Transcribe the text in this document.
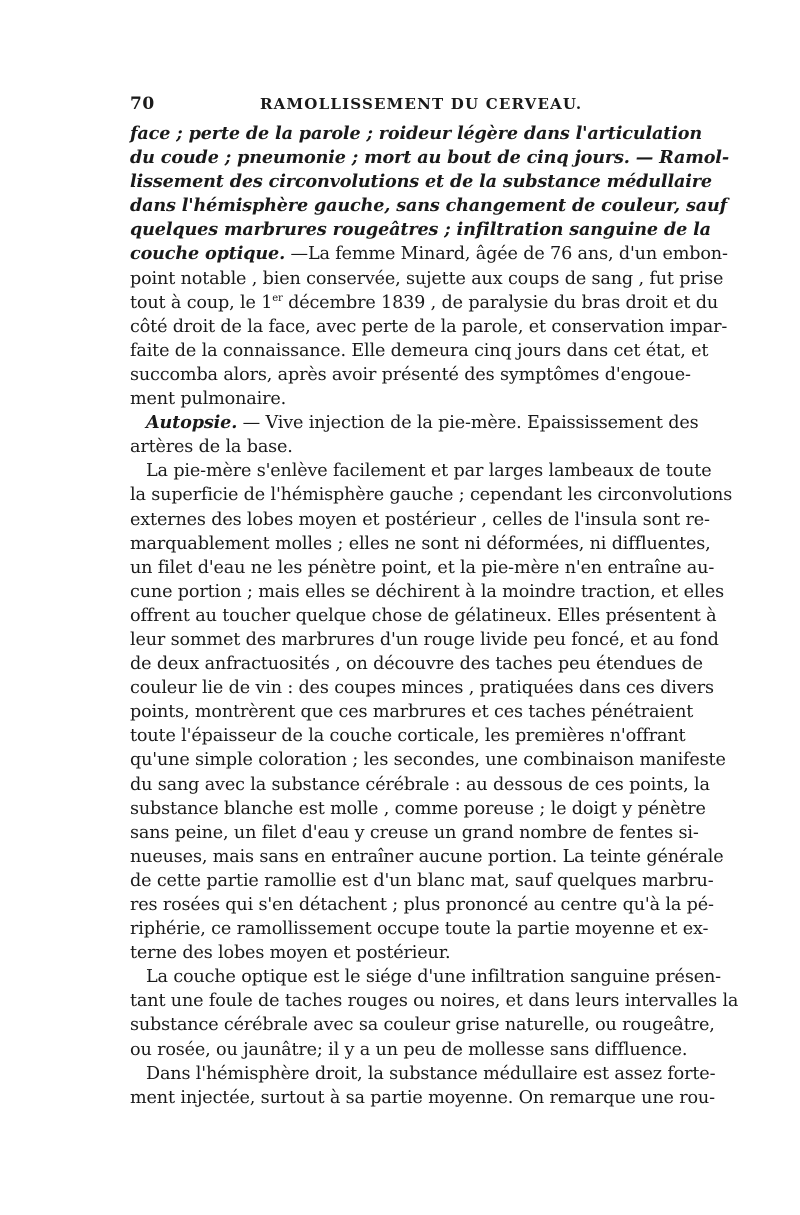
70	RAMOLLISSEMENT DU CERVEAU.
face ; perte de la parole ; roideur légère dans l'articulation
du coude ; pneumonie ; mort au bout de cinq jours. — Ramol-
lissement des circonvolutions et de la substance médullaire
dans l'hémisphère gauche, sans changement de couleur, sauf
quelques marbrures rougeâtres ; infiltration sanguine de la
couche optique. —La femme Minard, âgée de 76 ans, d'un embon-
point notable , bien conservée, sujette aux coups de sang , fut prise
tout à coup, le 1er décembre 1839 , de paralysie du bras droit et du
côté droit de la face, avec perte de la parole, et conservation impar-
faite de la connaissance. Elle demeura cinq jours dans cet état, et
succomba alors, après avoir présenté des symptômes d'engoue-
ment pulmonaire.
Autopsie. — Vive injection de la pie-mère. Epaississement des
artères de la base.
La pie-mère s'enlève facilement et par larges lambeaux de toute
la superficie de l'hémisphère gauche ; cependant les circonvolutions
externes des lobes moyen et postérieur , celles de l'insula sont re-
marquablement molles ; elles ne sont ni déformées, ni diffluentes,
un filet d'eau ne les pénètre point, et la pie-mère n'en entraîne au-
cune portion ; mais elles se déchirent à la moindre traction, et elles
offrent au toucher quelque chose de gélatineux. Elles présentent à
leur sommet des marbrures d'un rouge livide peu foncé, et au fond
de deux anfractuosités , on découvre des taches peu étendues de
couleur lie de vin : des coupes minces , pratiquées dans ces divers
points, montrèrent que ces marbrures et ces taches pénétraient
toute l'épaisseur de la couche corticale, les premières n'offrant
qu'une simple coloration ; les secondes, une combinaison manifeste
du sang avec la substance cérébrale : au dessous de ces points, la
substance blanche est molle , comme poreuse ; le doigt y pénètre
sans peine, un filet d'eau y creuse un grand nombre de fentes si-
nueuses, mais sans en entraîner aucune portion. La teinte générale
de cette partie ramollie est d'un blanc mat, sauf quelques marbru-
res rosées qui s'en détachent ; plus prononcé au centre qu'à la pé-
riphérie, ce ramollissement occupe toute la partie moyenne et ex-
terne des lobes moyen et postérieur.
La couche optique est le siége d'une infiltration sanguine présen-
tant une foule de taches rouges ou noires, et dans leurs intervalles la
substance cérébrale avec sa couleur grise naturelle, ou rougeâtre,
ou rosée, ou jaunâtre; il y a un peu de mollesse sans diffluence.
Dans l'hémisphère droit, la substance médullaire est assez forte-
ment injectée, surtout à sa partie moyenne. On remarque une rou-
